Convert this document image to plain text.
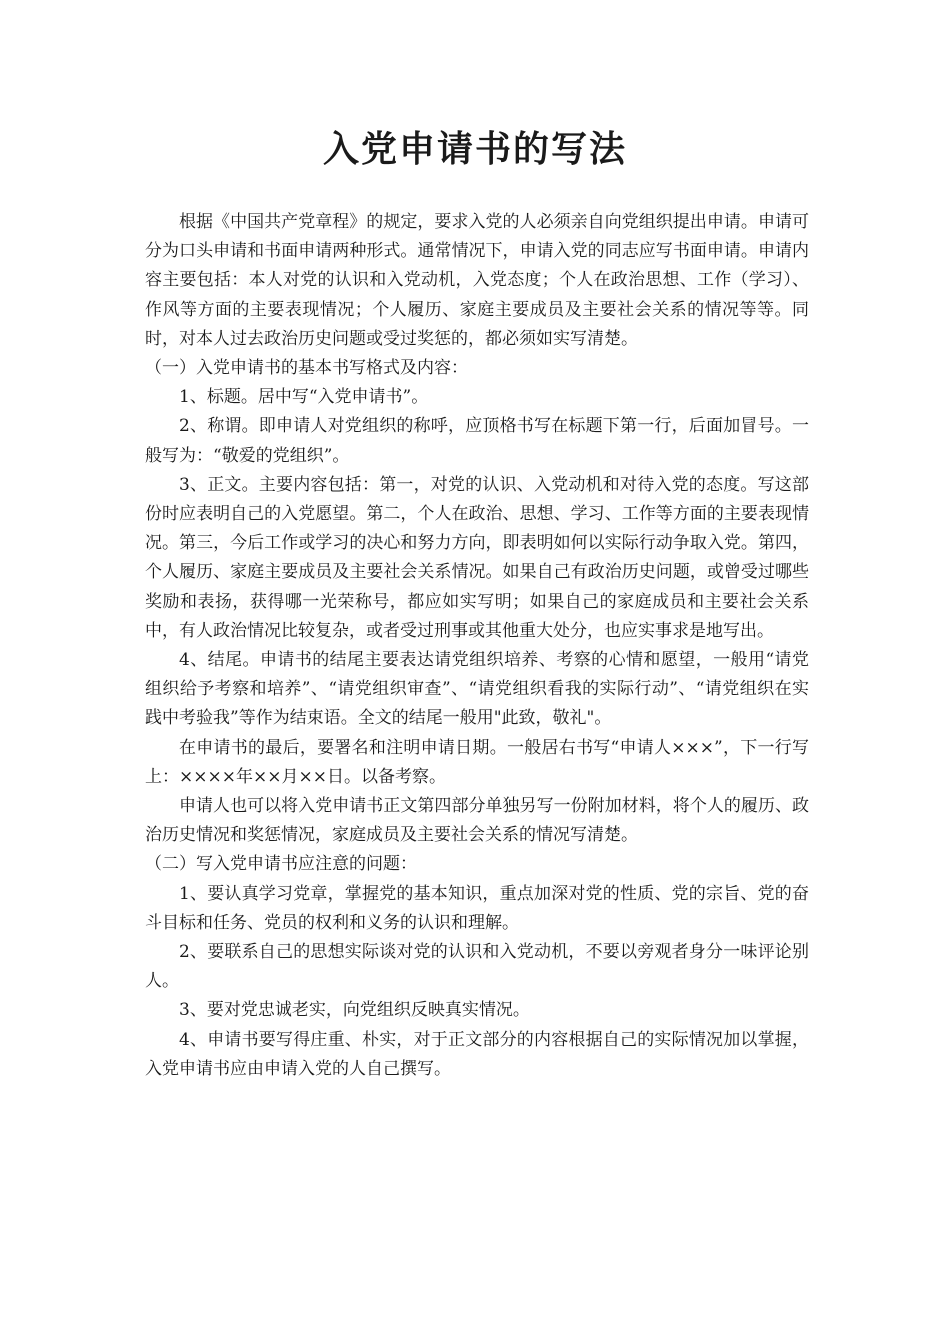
入党申请书的写法

根据《中国共产党章程》的规定，要求入党的人必须亲自向党组织提出申请。申请可分为口头申请和书面申请两种形式。通常情况下，申请入党的同志应写书面申请。申请内容主要包括：本人对党的认识和入党动机，入党态度；个人在政治思想、工作（学习）、作风等方面的主要表现情况；个人履历、家庭主要成员及主要社会关系的情况等等。同时，对本人过去政治历史问题或受过奖惩的，都必须如实写清楚。

（一）入党申请书的基本书写格式及内容：

1、标题。居中写“入党申请书”。

2、称谓。即申请人对党组织的称呼，应顶格书写在标题下第一行，后面加冒号。一般写为：“敬爱的党组织”。

3、正文。主要内容包括：第一，对党的认识、入党动机和对待入党的态度。写这部份时应表明自己的入党愿望。第二，个人在政治、思想、学习、工作等方面的主要表现情况。第三，今后工作或学习的决心和努力方向，即表明如何以实际行动争取入党。第四，个人履历、家庭主要成员及主要社会关系情况。如果自己有政治历史问题，或曾受过哪些奖励和表扬，获得哪一光荣称号，都应如实写明；如果自己的家庭成员和主要社会关系中，有人政治情况比较复杂，或者受过刑事或其他重大处分，也应实事求是地写出。

4、结尾。申请书的结尾主要表达请党组织培养、考察的心情和愿望，一般用“请党组织给予考察和培养”、“请党组织审查”、“请党组织看我的实际行动”、“请党组织在实践中考验我”等作为结束语。全文的结尾一般用"此致，敬礼"。

在申请书的最后，要署名和注明申请日期。一般居右书写“申请人×××”，下一行写上：××××年××月××日。以备考察。

申请人也可以将入党申请书正文第四部分单独另写一份附加材料，将个人的履历、政治历史情况和奖惩情况，家庭成员及主要社会关系的情况写清楚。

（二）写入党申请书应注意的问题：

1、要认真学习党章，掌握党的基本知识，重点加深对党的性质、党的宗旨、党的奋斗目标和任务、党员的权利和义务的认识和理解。

2、要联系自己的思想实际谈对党的认识和入党动机，不要以旁观者身分一味评论别人。

3、要对党忠诚老实，向党组织反映真实情况。

4、申请书要写得庄重、朴实，对于正文部分的内容根据自己的实际情况加以掌握，入党申请书应由申请入党的人自己撰写。
